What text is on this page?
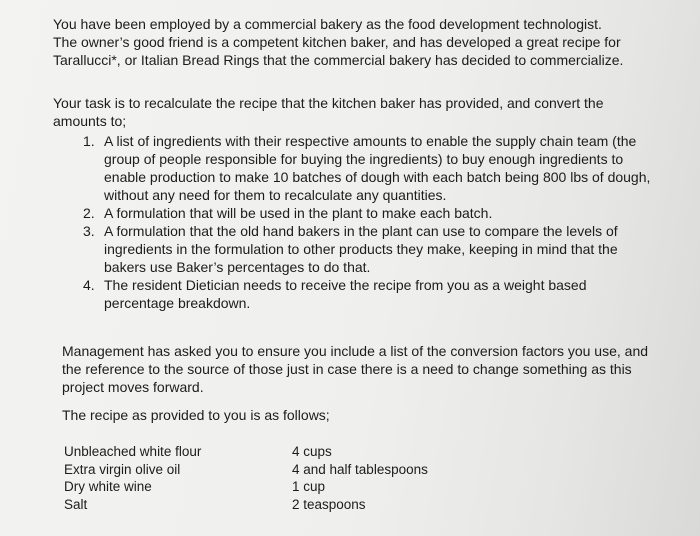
You have been employed by a commercial bakery as the food development technologist.
The owner’s good friend is a competent kitchen baker, and has developed a great recipe for
Tarallucci*, or Italian Bread Rings that the commercial bakery has decided to commercialize.

Your task is to recalculate the recipe that the kitchen baker has provided, and convert the
amounts to;

1. A list of ingredients with their respective amounts to enable the supply chain team (the
group of people responsible for buying the ingredients) to buy enough ingredients to
enable production to make 10 batches of dough with each batch being 800 lbs of dough,
without any need for them to recalculate any quantities.
2. A formulation that will be used in the plant to make each batch.
3. A formulation that the old hand bakers in the plant can use to compare the levels of
ingredients in the formulation to other products they make, keeping in mind that the
bakers use Baker’s percentages to do that.
4. The resident Dietician needs to receive the recipe from you as a weight based
percentage breakdown.

Management has asked you to ensure you include a list of the conversion factors you use, and
the reference to the source of those just in case there is a need to change something as this
project moves forward.

The recipe as provided to you is as follows;

Unbleached white flour	4 cups
Extra virgin olive oil	4 and half tablespoons
Dry white wine	1 cup
Salt	2 teaspoons
